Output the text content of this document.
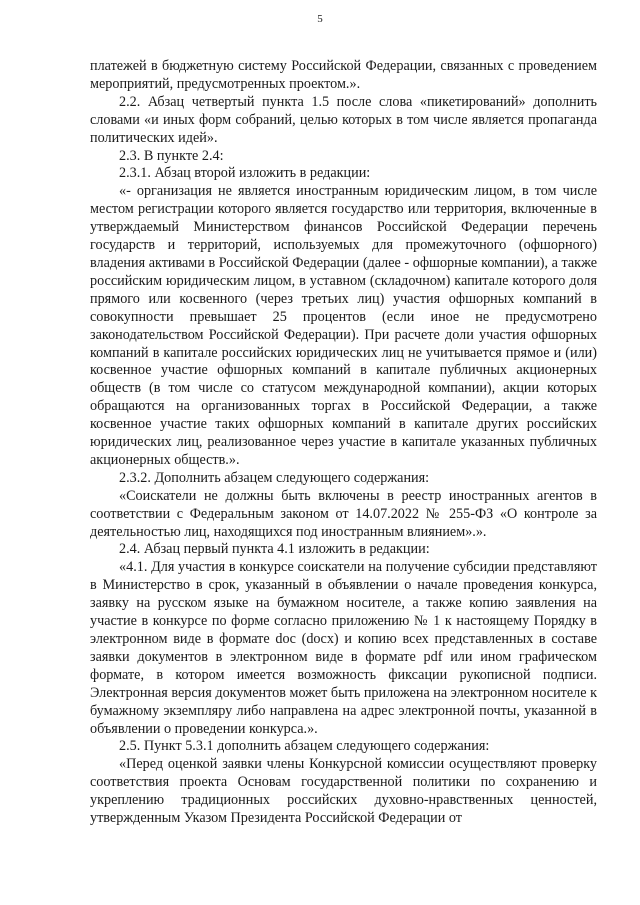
5

платежей в бюджетную систему Российской Федерации, связанных с проведением мероприятий, предусмотренных проектом.».

2.2. Абзац четвертый пункта 1.5 после слова «пикетирований» дополнить словами «и иных форм собраний, целью которых в том числе является пропаганда политических идей».

2.3. В пункте 2.4:

2.3.1. Абзац второй изложить в редакции:

«- организация не является иностранным юридическим лицом, в том числе местом регистрации которого является государство или территория, включенные в утверждаемый Министерством финансов Российской Федерации перечень государств и территорий, используемых для промежуточного (офшорного) владения активами в Российской Федерации (далее - офшорные компании), а также российским юридическим лицом, в уставном (складочном) капитале которого доля прямого или косвенного (через третьих лиц) участия офшорных компаний в совокупности превышает 25 процентов (если иное не предусмотрено законодательством Российской Федерации). При расчете доли участия офшорных компаний в капитале российских юридических лиц не учитывается прямое и (или) косвенное участие офшорных компаний в капитале публичных акционерных обществ (в том числе со статусом международной компании), акции которых обращаются на организованных торгах в Российской Федерации, а также косвенное участие таких офшорных компаний в капитале других российских юридических лиц, реализованное через участие в капитале указанных публичных акционерных обществ.».

2.3.2. Дополнить абзацем следующего содержания:

«Соискатели не должны быть включены в реестр иностранных агентов в соответствии с Федеральным законом от 14.07.2022 № 255-ФЗ «О контроле за деятельностью лиц, находящихся под иностранным влиянием».».

2.4. Абзац первый пункта 4.1 изложить в редакции:

«4.1. Для участия в конкурсе соискатели на получение субсидии представляют в Министерство в срок, указанный в объявлении о начале проведения конкурса, заявку на русском языке на бумажном носителе, а также копию заявления на участие в конкурсе по форме согласно приложению № 1 к настоящему Порядку в электронном виде в формате doc (docx) и копию всех представленных в составе заявки документов в электронном виде в формате pdf или ином графическом формате, в котором имеется возможность фиксации рукописной подписи. Электронная версия документов может быть приложена на электронном носителе к бумажному экземпляру либо направлена на адрес электронной почты, указанной в объявлении о проведении конкурса.».

2.5. Пункт 5.3.1 дополнить абзацем следующего содержания:

«Перед оценкой заявки члены Конкурсной комиссии осуществляют проверку соответствия проекта Основам государственной политики по сохранению и укреплению традиционных российских духовно-нравственных ценностей, утвержденным Указом Президента Российской Федерации от
